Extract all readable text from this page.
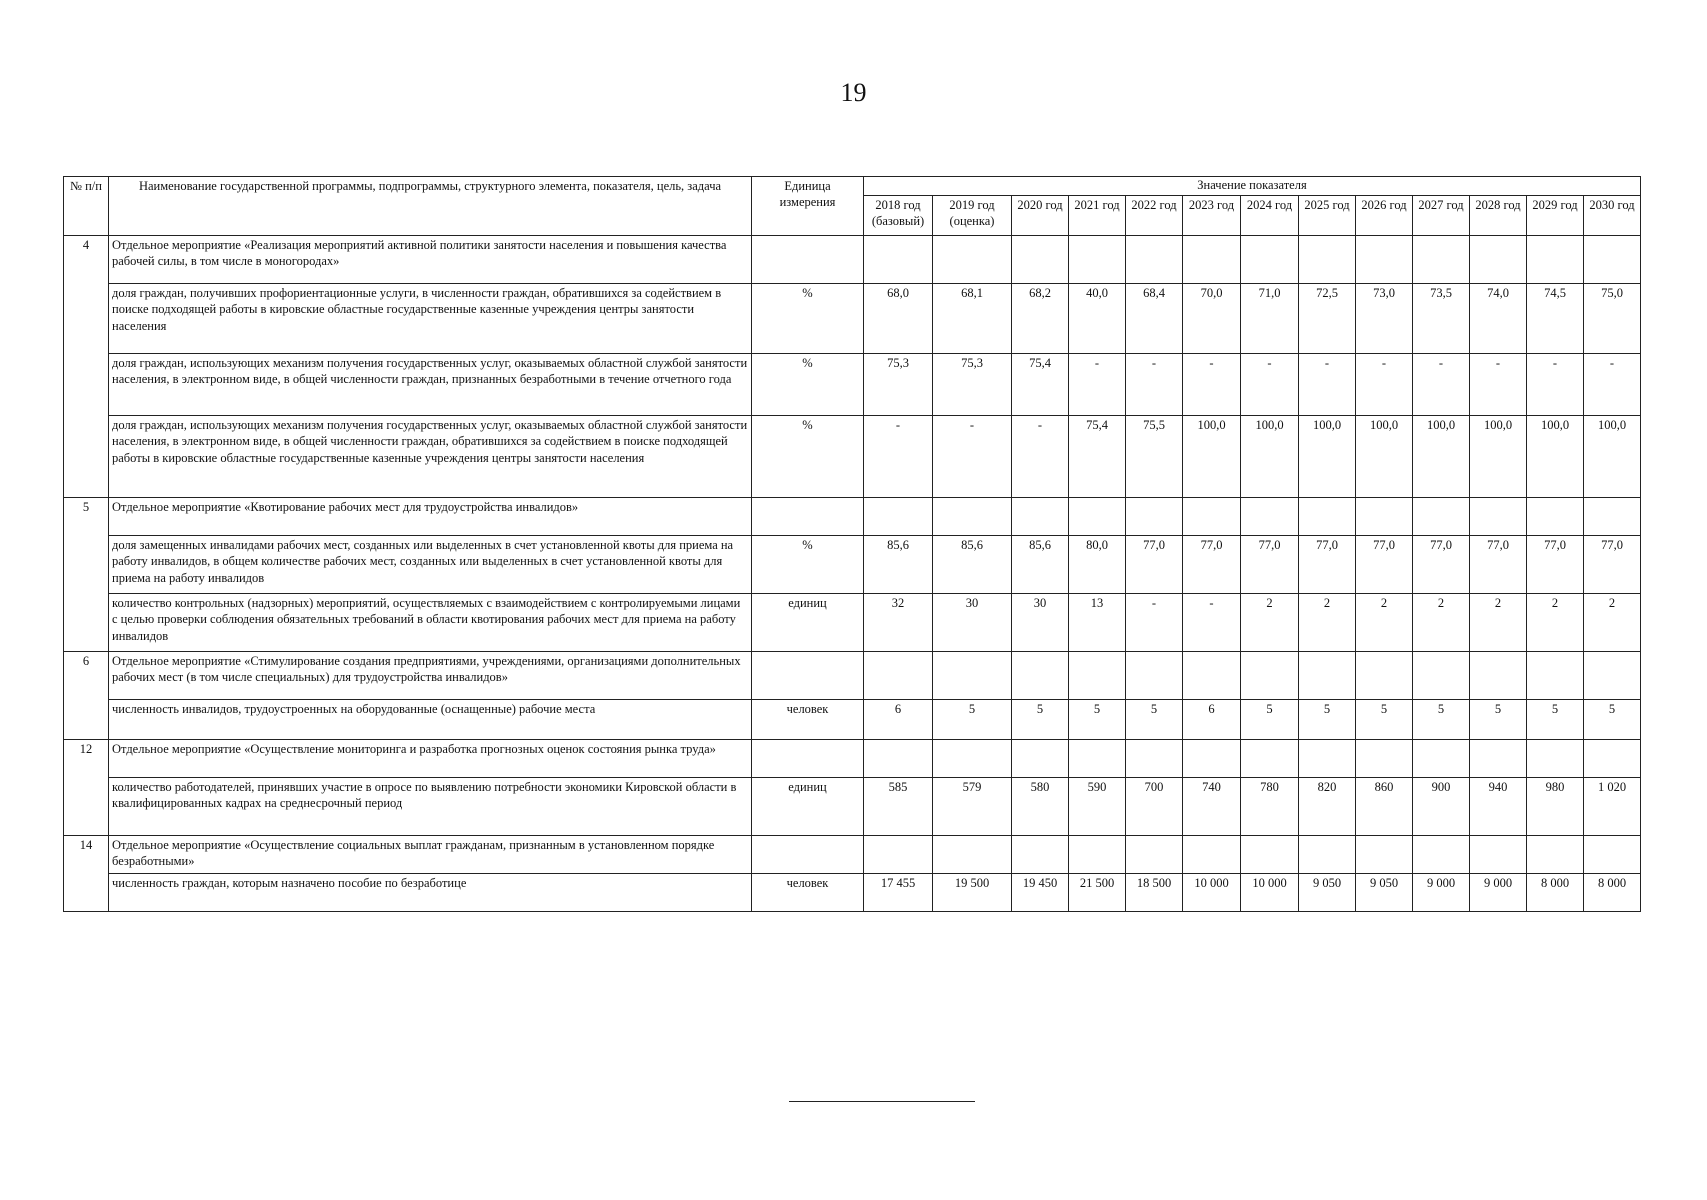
19
№ п/п	Наименование государственной программы, подпрограммы, структурного элемента, показателя, цель, задача	Единица измерения	Значение показателя												
			2018 год (базовый)	2019 год (оценка)	2020 год	2021 год	2022 год	2023 год	2024 год	2025 год	2026 год	2027 год	2028 год	2029 год	2030 год
4	Отдельное мероприятие «Реализация мероприятий активной политики занятости населения и повышения качества рабочей силы, в том числе в моногородах»														
	доля граждан, получивших профориентационные услуги, в численности граждан, обратившихся за содействием в поиске подходящей работы в кировские областные государственные казенные учреждения центры занятости населения	%	68,0	68,1	68,2	40,0	68,4	70,0	71,0	72,5	73,0	73,5	74,0	74,5	75,0
	доля граждан, использующих механизм получения государственных услуг, оказываемых областной службой занятости населения, в электронном виде, в общей численности граждан, признанных безработными в течение отчетного года	%	75,3	75,3	75,4	-	-	-	-	-	-	-	-	-	-
	доля граждан, использующих механизм получения государственных услуг, оказываемых областной службой занятости населения, в электронном виде, в общей численности граждан, обратившихся за содействием в поиске подходящей работы в кировские областные государственные казенные учреждения центры занятости населения	%	-	-	-	75,4	75,5	100,0	100,0	100,0	100,0	100,0	100,0	100,0	100,0
5	Отдельное мероприятие «Квотирование рабочих мест для трудоустройства инвалидов»														
	доля замещенных инвалидами рабочих мест, созданных или выделенных в счет установленной квоты для приема на работу инвалидов, в общем количестве рабочих мест, созданных или выделенных в счет установленной квоты для приема на работу инвалидов	%	85,6	85,6	85,6	80,0	77,0	77,0	77,0	77,0	77,0	77,0	77,0	77,0	77,0
	количество контрольных (надзорных) мероприятий, осуществляемых с взаимодействием с контролируемыми лицами с целью проверки соблюдения обязательных требований в области квотирования рабочих мест для приема на работу инвалидов	единиц	32	30	30	13	-	-	2	2	2	2	2	2	2
6	Отдельное мероприятие «Стимулирование создания предприятиями, учреждениями, организациями дополнительных рабочих мест (в том числе специальных) для трудоустройства инвалидов»														
	численность инвалидов, трудоустроенных на оборудованные (оснащенные) рабочие места	человек	6	5	5	5	5	6	5	5	5	5	5	5	5
12	Отдельное мероприятие «Осуществление мониторинга и разработка прогнозных оценок состояния рынка труда»														
	количество работодателей, принявших участие в опросе по выявлению потребности экономики Кировской области в квалифицированных кадрах на среднесрочный период	единиц	585	579	580	590	700	740	780	820	860	900	940	980	1 020
14	Отдельное мероприятие «Осуществление социальных выплат гражданам, признанным в установленном порядке безработными»														
	численность граждан, которым назначено пособие по безработице	человек	17 455	19 500	19 450	21 500	18 500	10 000	10 000	9 050	9 050	9 000	9 000	8 000	8 000
